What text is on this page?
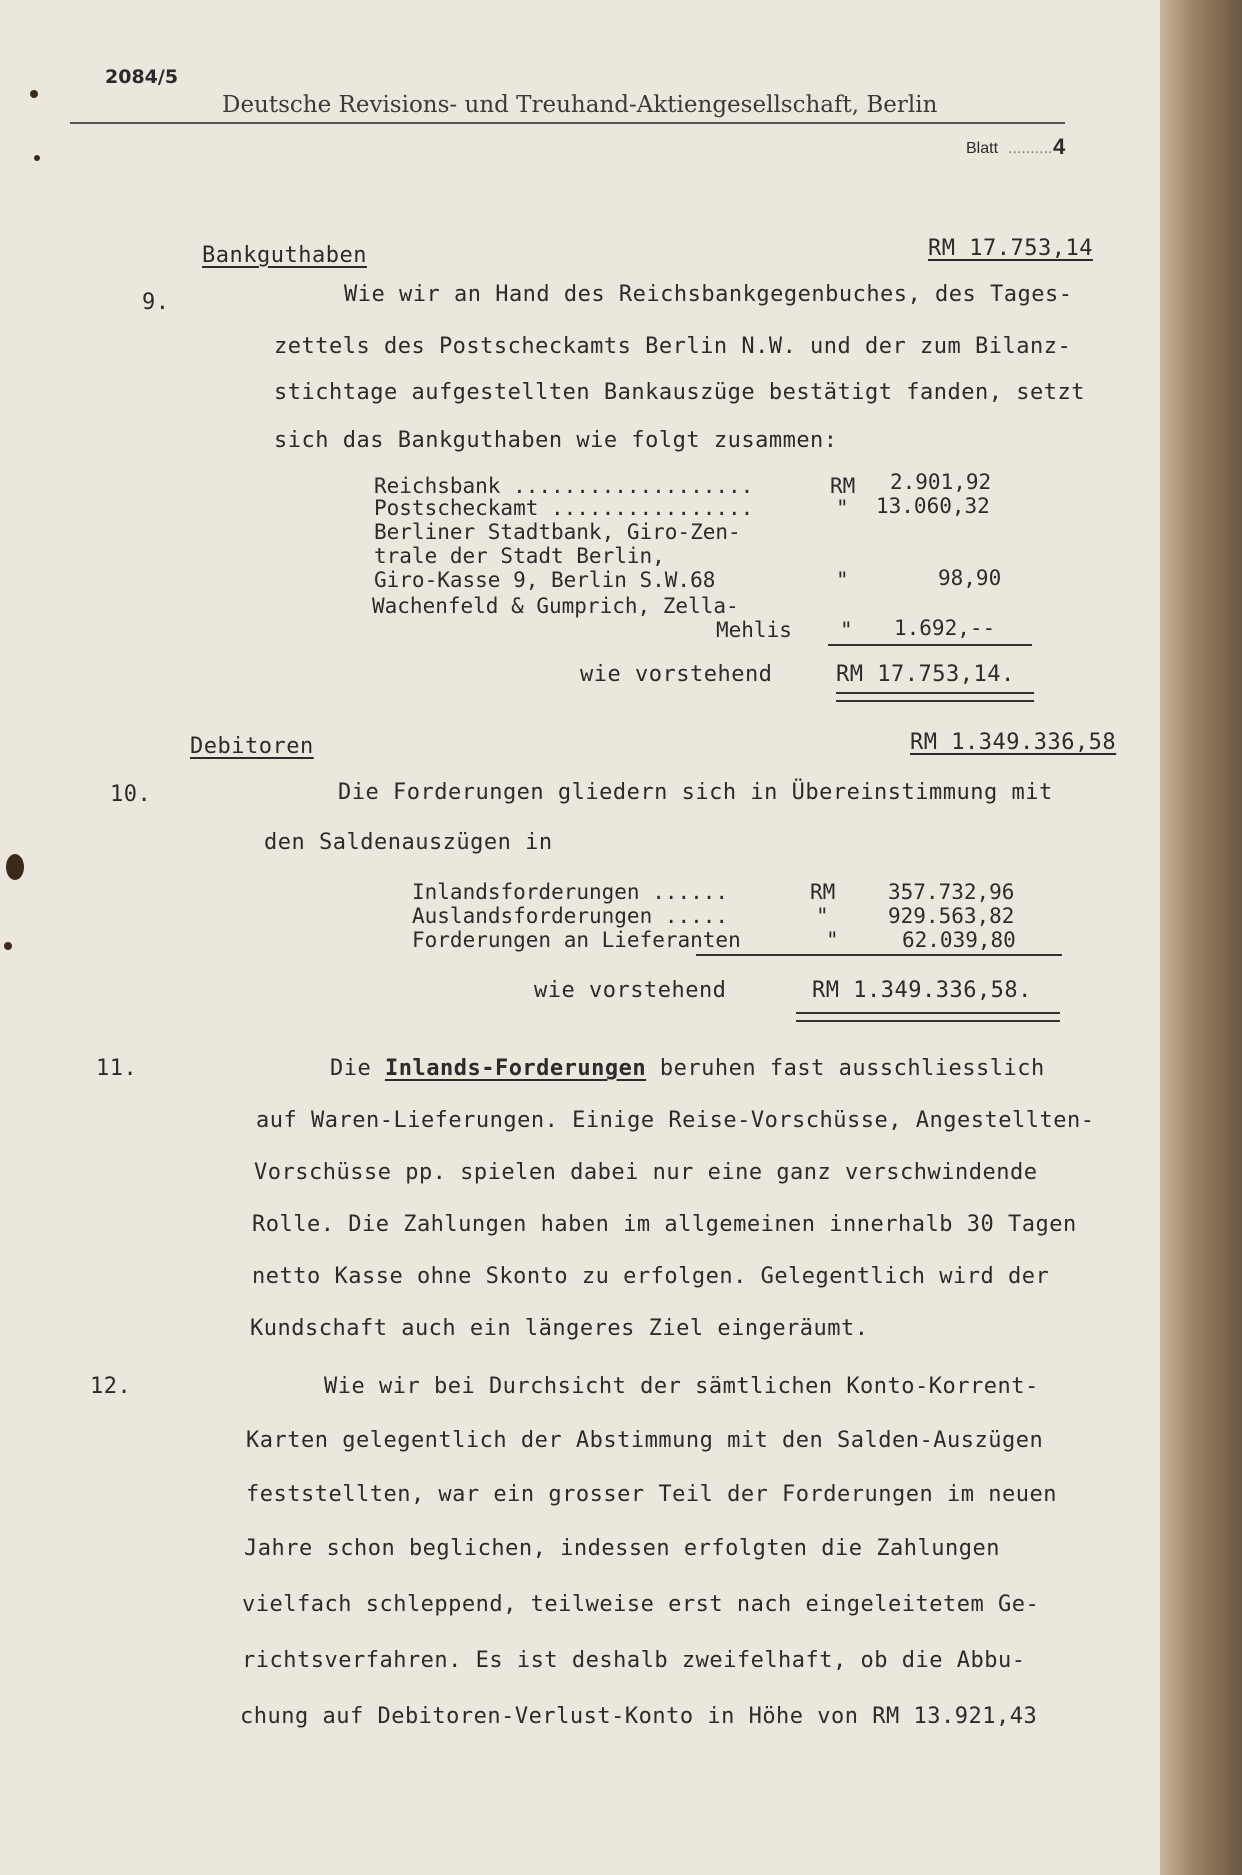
2084/5
Deutsche Revisions- und Treuhand-Aktiengesellschaft, Berlin
Blatt .......... 4
Bankguthaben	RM 17.753,14
9.	Wie wir an Hand des Reichsbankgegenbuches, des Tages-
zettels des Postscheckamts Berlin N.W. und der zum Bilanz-
stichtage aufgestellten Bankauszüge bestätigt fanden, setzt
sich das Bankguthaben wie folgt zusammen:
Reichsbank ...................	RM 2.901,92
Postscheckamt ................	" 13.060,32
Berliner Stadtbank, Giro-Zen-
trale der Stadt Berlin,
Giro-Kasse 9, Berlin S.W.68	"	98,90
Wachenfeld & Gumprich, Zella-
Mehlis " 1.692,--
wie vorstehend	RM 17.753,14.
Debitoren	RM 1.349.336,58
10.	Die Forderungen gliedern sich in Übereinstimmung mit
den Saldenauszügen in
Inlandsforderungen ......	RM	357.732,96
Auslandsforderungen .....	"	929.563,82
Forderungen an Lieferanten	"	62.039,80
wie vorstehend	RM 1.349.336,58.
11.	Die Inlands-Forderungen beruhen fast ausschliesslich
auf Waren-Lieferungen. Einige Reise-Vorschüsse, Angestellten-
Vorschüsse pp. spielen dabei nur eine ganz verschwindende
Rolle. Die Zahlungen haben im allgemeinen innerhalb 30 Tagen
netto Kasse ohne Skonto zu erfolgen. Gelegentlich wird der
Kundschaft auch ein längeres Ziel eingeräumt.
12.	Wie wir bei Durchsicht der sämtlichen Konto-Korrent-
Karten gelegentlich der Abstimmung mit den Salden-Auszügen
feststellten, war ein grosser Teil der Forderungen im neuen
Jahre schon beglichen, indessen erfolgten die Zahlungen
vielfach schleppend, teilweise erst nach eingeleitetem Ge-
richtsverfahren. Es ist deshalb zweifelhaft, ob die Abbu-
chung auf Debitoren-Verlust-Konto in Höhe von RM 13.921,43
